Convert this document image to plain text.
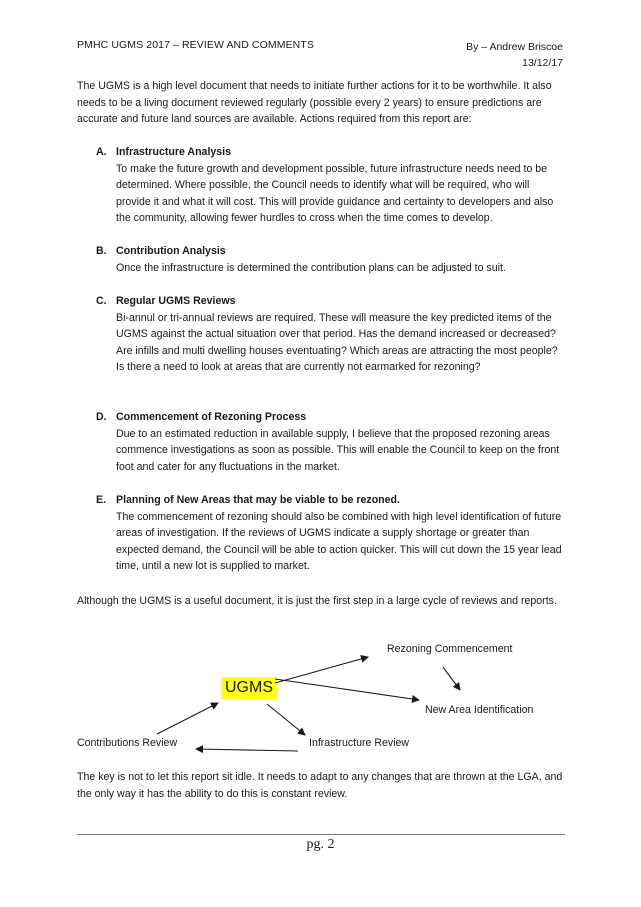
PMHC UGMS 2017 – REVIEW AND COMMENTS	By – Andrew Briscoe
13/12/17
The UGMS is a high level document that needs to initiate further actions for it to be worthwhile. It also needs to be a living document reviewed regularly (possible every 2 years) to ensure predictions are accurate and future land sources are available. Actions required from this report are:
A. Infrastructure Analysis
To make the future growth and development possible, future infrastructure needs need to be determined. Where possible, the Council needs to identify what will be required, who will provide it and what it will cost. This will provide guidance and certainty to developers and also the community, allowing fewer hurdles to cross when the time comes to develop.
B. Contribution Analysis
Once the infrastructure is determined the contribution plans can be adjusted to suit.
C. Regular UGMS Reviews
Bi-annul or tri-annual reviews are required. These will measure the key predicted items of the UGMS against the actual situation over that period. Has the demand increased or decreased? Are infills and multi dwelling houses eventuating? Which areas are attracting the most people? Is there a need to look at areas that are currently not earmarked for rezoning?
D. Commencement of Rezoning Process
Due to an estimated reduction in available supply, I believe that the proposed rezoning areas commence investigations as soon as possible. This will enable the Council to keep on the front foot and cater for any fluctuations in the market.
E. Planning of New Areas that may be viable to be rezoned.
The commencement of rezoning should also be combined with high level identification of future areas of investigation. If the reviews of UGMS indicate a supply shortage or greater than expected demand, the Council will be able to action quicker. This will cut down the 15 year lead time, until a new lot is supplied to market.
Although the UGMS is a useful document, it is just the first step in a large cycle of reviews and reports.
Rezoning Commencement
UGMS
New Area Identification
Infrastructure Review
Contributions Review
The key is not to let this report sit idle. It needs to adapt to any changes that are thrown at the LGA, and the only way it has the ability to do this is constant review.
pg. 2
